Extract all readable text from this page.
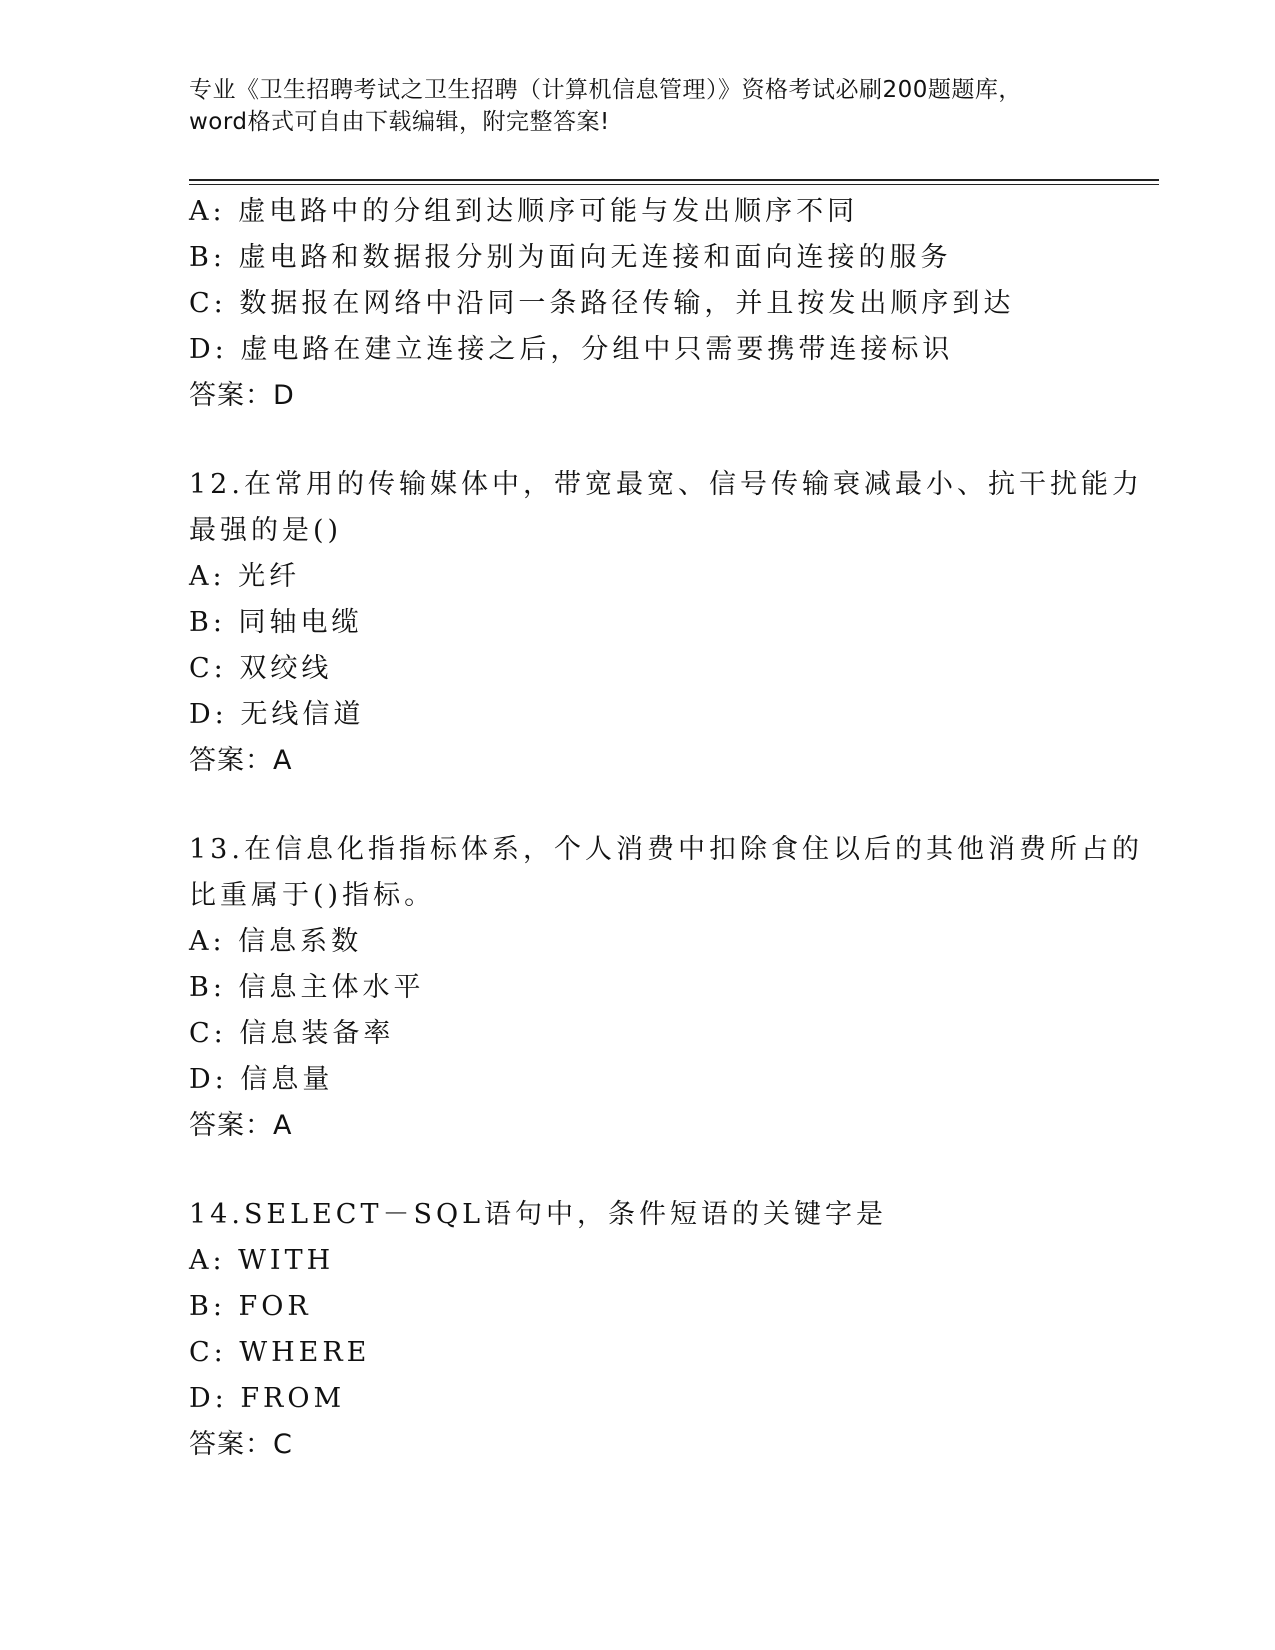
专业《卫生招聘考试之卫生招聘（计算机信息管理）》资格考试必刷200题题库，
word格式可自由下载编辑，附完整答案!
A: 虚电路中的分组到达顺序可能与发出顺序不同
B: 虚电路和数据报分别为面向无连接和面向连接的服务
C: 数据报在网络中沿同一条路径传输，并且按发出顺序到达
D: 虚电路在建立连接之后，分组中只需要携带连接标识
答案：D
12.在常用的传输媒体中，带宽最宽、信号传输衰减最小、抗干扰能力
最强的是()
A: 光纤
B: 同轴电缆
C: 双绞线
D: 无线信道
答案：A
13.在信息化指指标体系，个人消费中扣除食住以后的其他消费所占的
比重属于()指标。
A: 信息系数
B: 信息主体水平
C: 信息装备率
D: 信息量
答案：A
14.SELECT－SQL语句中，条件短语的关键字是
A: WITH
B: FOR
C: WHERE
D: FROM
答案：C
